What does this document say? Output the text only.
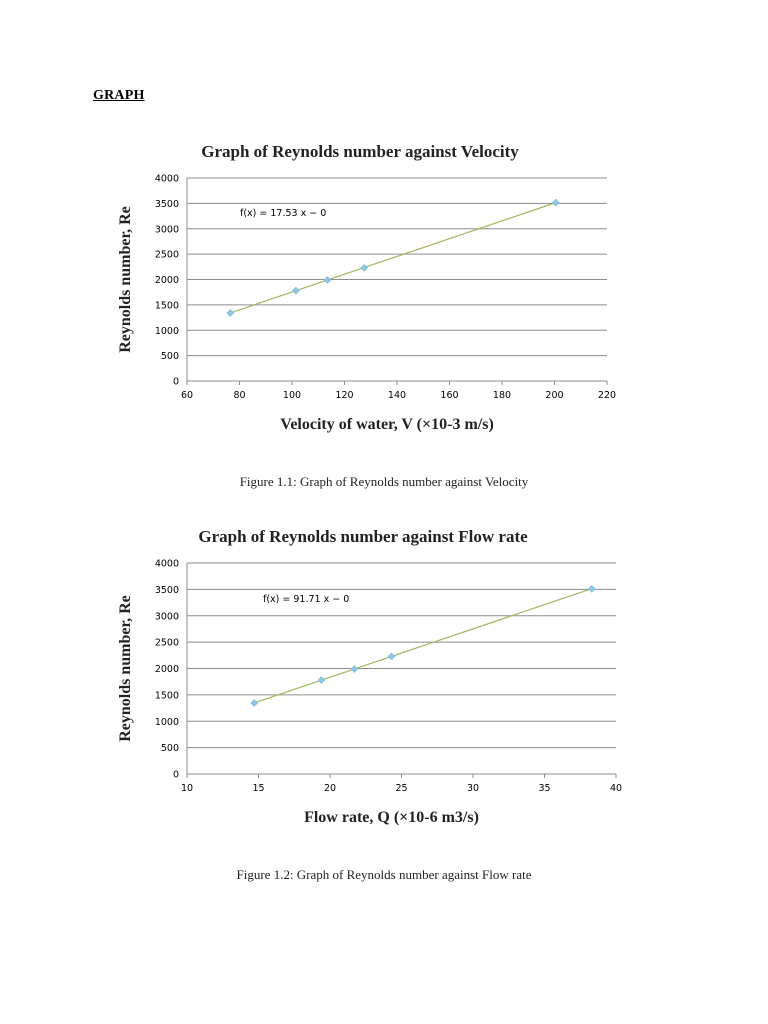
GRAPH
Graph of Reynolds number against Velocity
0
500
1000
1500
2000
2500
3000
3500
4000
60	80	100	120	140	160	180	200	220
f(x) = 17.53 x − 0
Velocity of water, V (×10-3 m/s)
Reynolds number, Re
Figure 1.1: Graph of Reynolds number against Velocity
Graph of Reynolds number against Flow rate
0
500
1000
1500
2000
2500
3000
3500
4000
10	15	20	25	30	35	40
f(x) = 91.71 x − 0
Flow rate, Q (×10-6 m3/s)
Reynolds number, Re
Figure 1.2: Graph of Reynolds number against Flow rate
